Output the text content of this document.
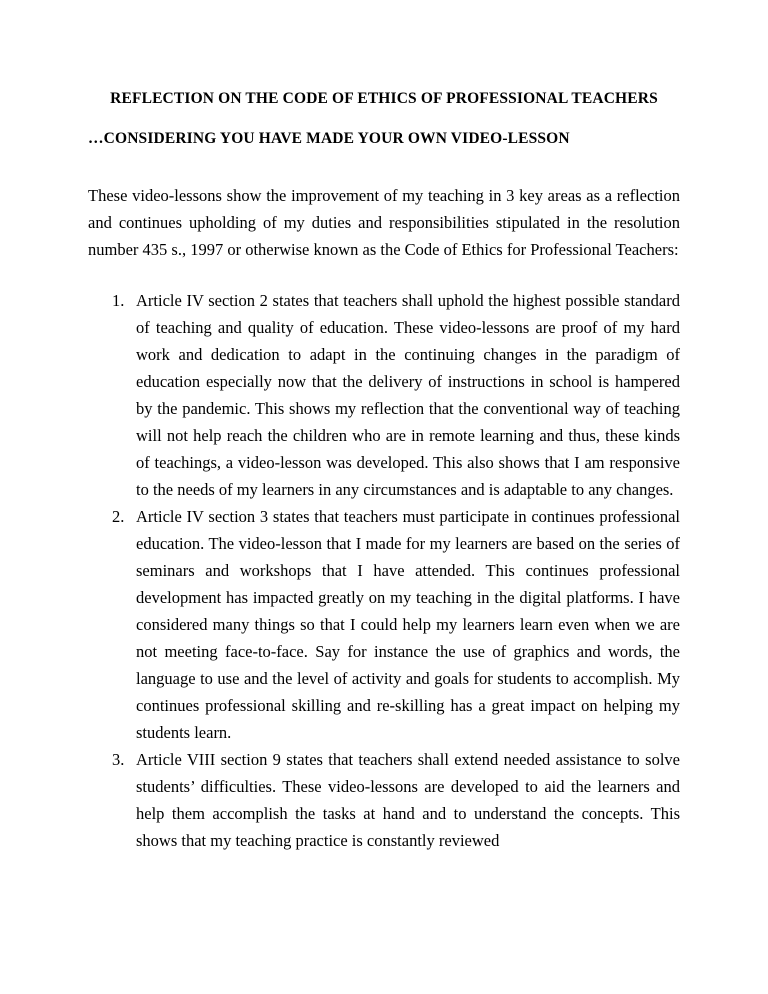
REFLECTION ON THE CODE OF ETHICS OF PROFESSIONAL TEACHERS
…CONSIDERING YOU HAVE MADE YOUR OWN VIDEO-LESSON

These video-lessons show the improvement of my teaching in 3 key areas as a reflection and continues upholding of my duties and responsibilities stipulated in the resolution number 435 s., 1997 or otherwise known as the Code of Ethics for Professional Teachers:

1. Article IV section 2 states that teachers shall uphold the highest possible standard of teaching and quality of education. These video-lessons are proof of my hard work and dedication to adapt in the continuing changes in the paradigm of education especially now that the delivery of instructions in school is hampered by the pandemic. This shows my reflection that the conventional way of teaching will not help reach the children who are in remote learning and thus, these kinds of teachings, a video-lesson was developed. This also shows that I am responsive to the needs of my learners in any circumstances and is adaptable to any changes.
2. Article IV section 3 states that teachers must participate in continues professional education. The video-lesson that I made for my learners are based on the series of seminars and workshops that I have attended. This continues professional development has impacted greatly on my teaching in the digital platforms. I have considered many things so that I could help my learners learn even when we are not meeting face-to-face. Say for instance the use of graphics and words, the language to use and the level of activity and goals for students to accomplish. My continues professional skilling and re-skilling has a great impact on helping my students learn.
3. Article VIII section 9 states that teachers shall extend needed assistance to solve students’ difficulties. These video-lessons are developed to aid the learners and help them accomplish the tasks at hand and to understand the concepts. This shows that my teaching practice is constantly reviewed
